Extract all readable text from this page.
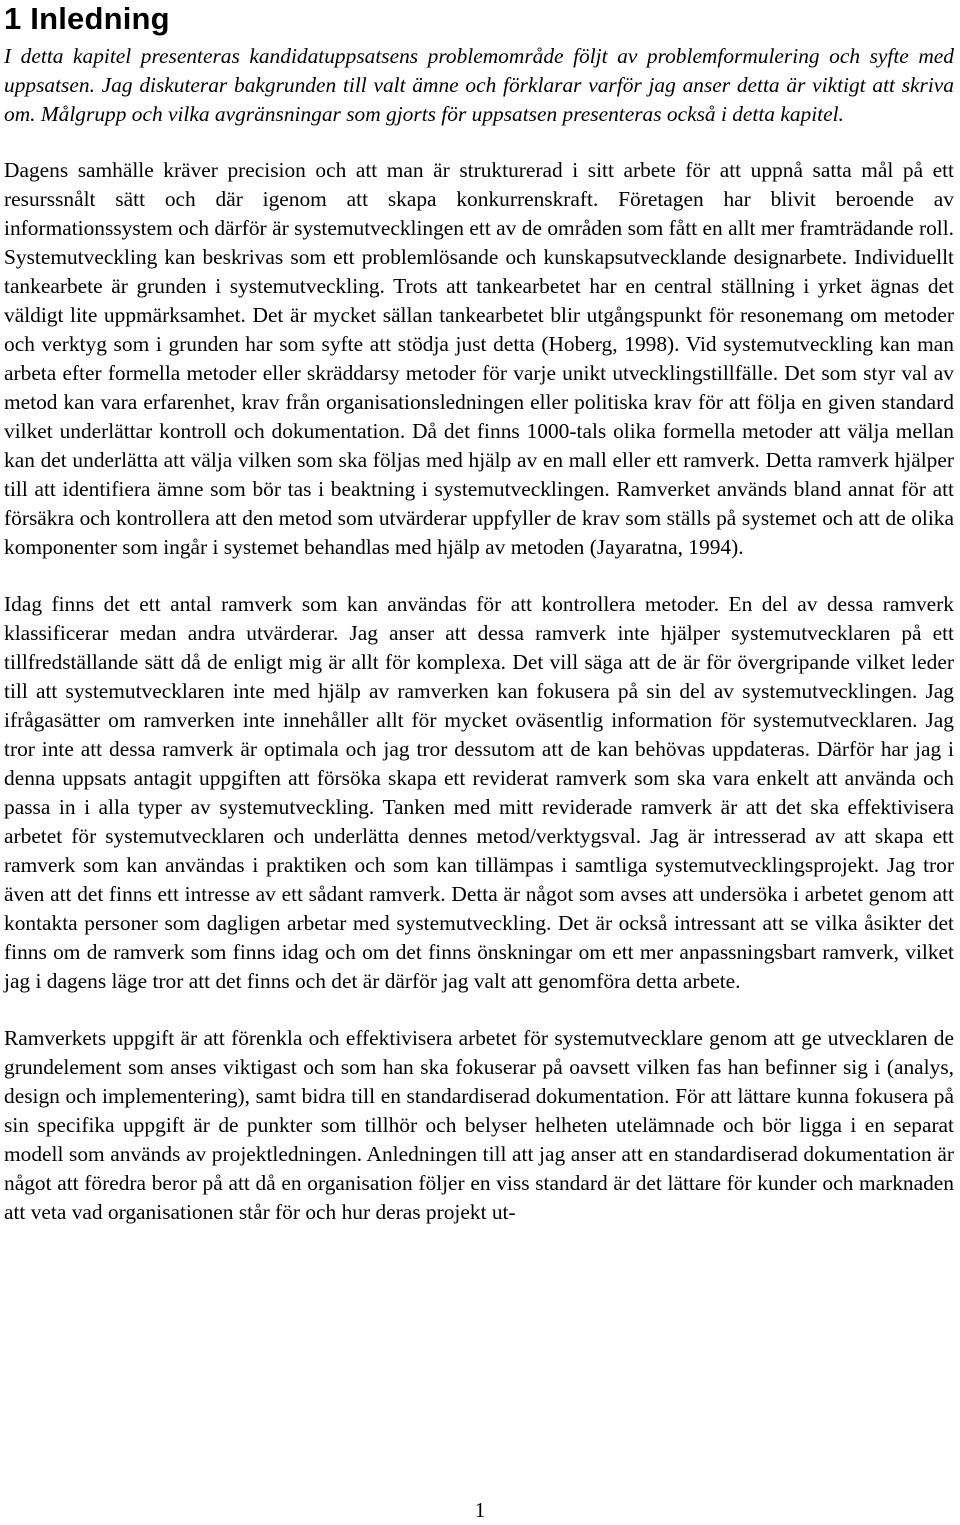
1 Inledning

I detta kapitel presenteras kandidatuppsatsens problemområde följt av problemformulering och syfte med uppsatsen. Jag diskuterar bakgrunden till valt ämne och förklarar varför jag anser detta är viktigt att skriva om. Målgrupp och vilka avgränsningar som gjorts för uppsatsen presenteras också i detta kapitel.

Dagens samhälle kräver precision och att man är strukturerad i sitt arbete för att uppnå satta mål på ett resurssnålt sätt och där igenom att skapa konkurrenskraft. Företagen har blivit beroende av informationssystem och därför är systemutvecklingen ett av de områden som fått en allt mer framträdande roll. Systemutveckling kan beskrivas som ett problemlösande och kunskapsutvecklande designarbete. Individuellt tankearbete är grunden i systemutveckling. Trots att tankearbetet har en central ställning i yrket ägnas det väldigt lite uppmärksamhet. Det är mycket sällan tankearbetet blir utgångspunkt för resonemang om metoder och verktyg som i grunden har som syfte att stödja just detta (Hoberg, 1998). Vid systemutveckling kan man arbeta efter formella metoder eller skräddarsy metoder för varje unikt utvecklingstillfälle. Det som styr val av metod kan vara erfarenhet, krav från organisationsledningen eller politiska krav för att följa en given standard vilket underlättar kontroll och dokumentation. Då det finns 1000-tals olika formella metoder att välja mellan kan det underlätta att välja vilken som ska följas med hjälp av en mall eller ett ramverk. Detta ramverk hjälper till att identifiera ämne som bör tas i beaktning i systemutvecklingen. Ramverket används bland annat för att försäkra och kontrollera att den metod som utvärderar uppfyller de krav som ställs på systemet och att de olika komponenter som ingår i systemet behandlas med hjälp av metoden (Jayaratna, 1994).

Idag finns det ett antal ramverk som kan användas för att kontrollera metoder. En del av dessa ramverk klassificerar medan andra utvärderar. Jag anser att dessa ramverk inte hjälper systemutvecklaren på ett tillfredställande sätt då de enligt mig är allt för komplexa. Det vill säga att de är för övergripande vilket leder till att systemutvecklaren inte med hjälp av ramverken kan fokusera på sin del av systemutvecklingen. Jag ifrågasätter om ramverken inte innehåller allt för mycket oväsentlig information för systemutvecklaren. Jag tror inte att dessa ramverk är optimala och jag tror dessutom att de kan behövas uppdateras. Därför har jag i denna uppsats antagit uppgiften att försöka skapa ett reviderat ramverk som ska vara enkelt att använda och passa in i alla typer av systemutveckling. Tanken med mitt reviderade ramverk är att det ska effektivisera arbetet för systemutvecklaren och underlätta dennes metod/verktygsval. Jag är intresserad av att skapa ett ramverk som kan användas i praktiken och som kan tillämpas i samtliga systemutvecklingsprojekt. Jag tror även att det finns ett intresse av ett sådant ramverk. Detta är något som avses att undersöka i arbetet genom att kontakta personer som dagligen arbetar med systemutveckling. Det är också intressant att se vilka åsikter det finns om de ramverk som finns idag och om det finns önskningar om ett mer anpassningsbart ramverk, vilket jag i dagens läge tror att det finns och det är därför jag valt att genomföra detta arbete.

Ramverkets uppgift är att förenkla och effektivisera arbetet för systemutvecklare genom att ge utvecklaren de grundelement som anses viktigast och som han ska fokuserar på oavsett vilken fas han befinner sig i (analys, design och implementering), samt bidra till en standardiserad dokumentation. För att lättare kunna fokusera på sin specifika uppgift är de punkter som tillhör och belyser helheten utelämnade och bör ligga i en separat modell som används av projektledningen. Anledningen till att jag anser att en standardiserad dokumentation är något att föredra beror på att då en organisation följer en viss standard är det lättare för kunder och marknaden att veta vad organisationen står för och hur deras projekt ut-

1
